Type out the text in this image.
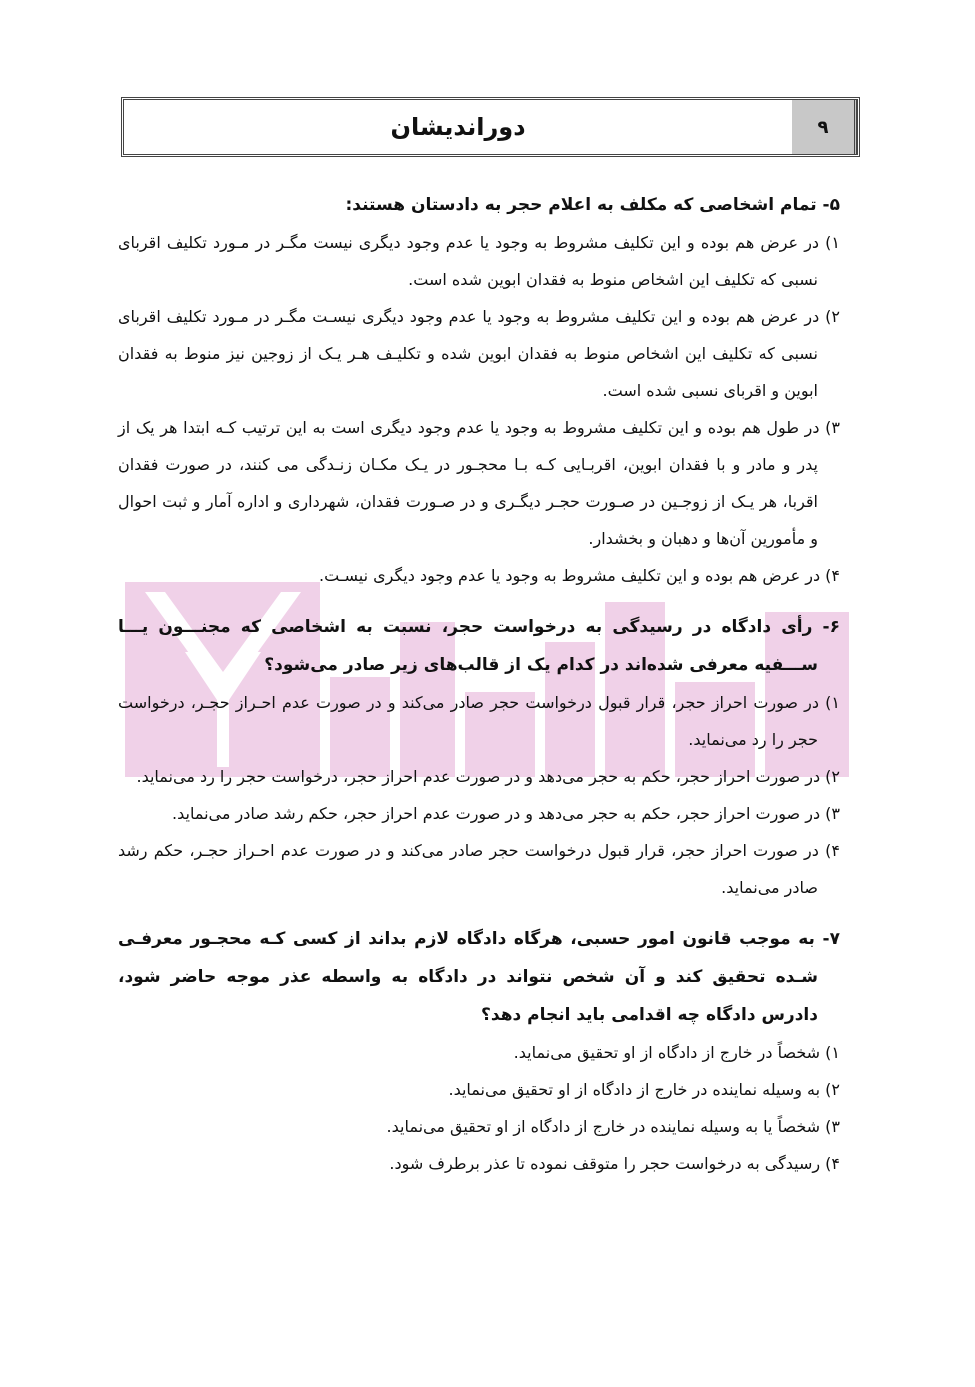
دوراندیشان	۹
۵- تمام اشخاصی که مکلف به اعلام حجر به دادستان هستند:
۱) در عرض هم بوده و این تکلیف مشروط به وجود یا عدم وجود دیگری نیست مگـر در مـورد تکلیف اقربای نسبی که تکلیف این اشخاص منوط به فقدان ابوین شده است.
۲) در عرض هم بوده و این تکلیف مشروط به وجود یا عدم وجود دیگری نیسـت مگـر در مـورد تکلیف اقربای نسبی که تکلیف این اشخاص منوط به فقدان ابوین شده و تکلیـف هـر یـک از زوجین نیز منوط به فقدان ابوین و اقربای نسبی شده است.
۳) در طول هم بوده و این تکلیف مشروط به وجود یا عدم وجود دیگری است به این ترتیب کـه ابتدا هر یک از پدر و مادر و با فقدان ابوین، اقربـایی کـه بـا محجـور در یـک مکـان زنـدگی می کنند، در صورت فقدان اقربا، هر یـک از زوجـین در صـورت حجـر دیگـری و در صـورت فقدان، شهرداری و اداره آمار و ثبت احوال و مأمورین آن‌ها و دهبان و بخشدار.
۴) در عرض هم بوده و این تکلیف مشروط به وجود یا عدم وجود دیگری نیسـت.
۶- رأی دادگاه در رسیدگی به درخواست حجر، نسبت به اشخاصی که مجنـــون یـــا ســـفیه معرفی شده‌اند در کدام یک از قالب‌های زیر صادر می‌شود؟
۱) در صورت احراز حجر، قرار قبول درخواست حجر صادر می‌کند و در صورت عدم احـراز حجـر، درخواست حجر را رد می‌نماید.
۲) در صورت احراز حجر، حکم به حجر می‌دهد و در صورت عدم احراز حجر، درخواست حجر را رد می‌نماید.
۳) در صورت احراز حجر، حکم به حجر می‌دهد و در صورت عدم احراز حجر، حکم رشد صادر می‌نماید.
۴) در صورت احراز حجر، قرار قبول درخواست حجر صادر می‌کند و در صورت عدم احـراز حجـر، حکم رشد صادر می‌نماید.
۷- به موجب قانون امور حسبی، هرگاه دادگاه لازم بداند از کسی کـه محجـور معرفـی شـده تحقیق کند و آن شخص نتواند در دادگاه به واسطه عذر موجه حاضر شود، دادرس دادگاه چه اقدامی باید انجام دهد؟
۱) شخصاً در خارج از دادگاه از او تحقیق می‌نماید.
۲) به وسیله نماینده در خارج از دادگاه از او تحقیق می‌نماید.
۳) شخصاً یا به وسیله نماینده در خارج از دادگاه از او تحقیق می‌نماید.
۴) رسیدگی به درخواست حجر را متوقف نموده تا عذر برطرف شود.
